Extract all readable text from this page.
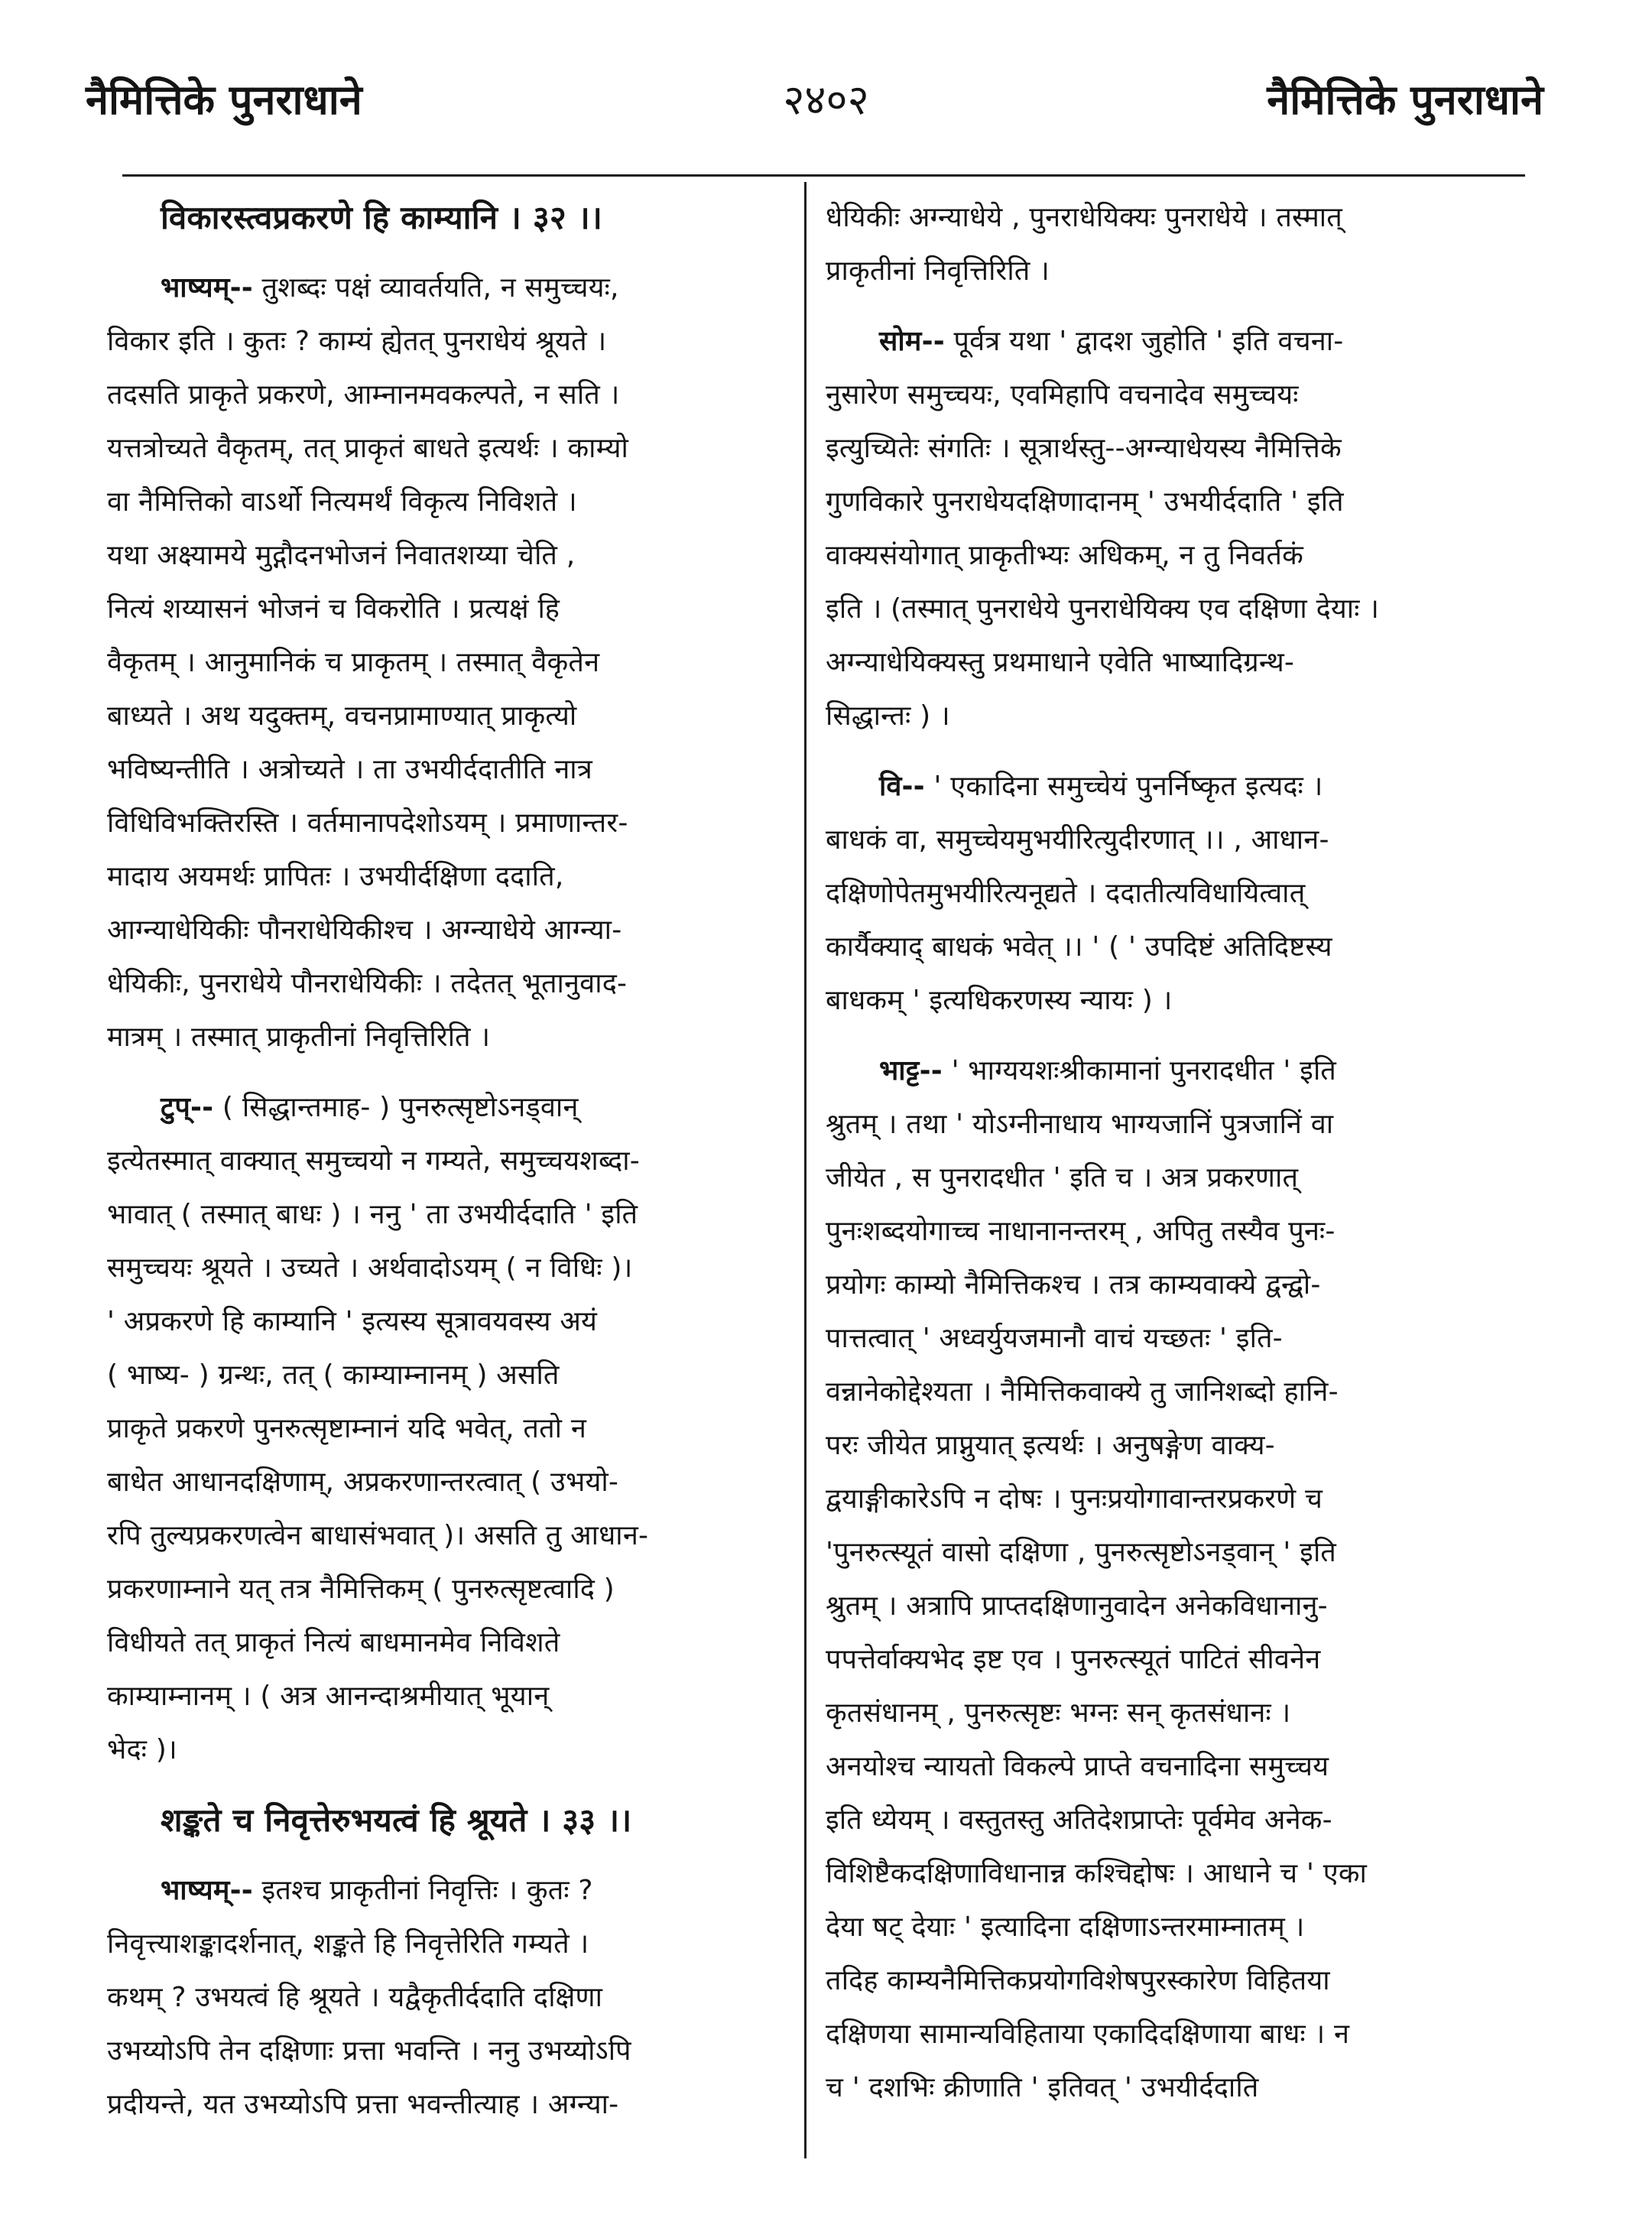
नैमित्तिके पुनराधाने	२४०२	नैमित्तिके पुनराधाने
विकारस्त्वप्रकरणे हि काम्यानि । ३२ ।।
भाष्यम्-- तुशब्दः पक्षं व्यावर्तयति, न समुच्चयः,
विकार इति । कुतः ? काम्यं ह्येतत् पुनराधेयं श्रूयते ।
तदसति प्राकृते प्रकरणे, आम्नानमवकल्पते, न सति ।
यत्तत्रोच्यते वैकृतम्, तत् प्राकृतं बाधते इत्यर्थः । काम्यो
वा नैमित्तिको वाऽर्थो नित्यमर्थं विकृत्य निविशते ।
यथा अक्ष्यामये मुद्गौदनभोजनं निवातशय्या चेति ,
नित्यं शय्यासनं भोजनं च विकरोति । प्रत्यक्षं हि
वैकृतम् । आनुमानिकं च प्राकृतम् । तस्मात् वैकृतेन
बाध्यते । अथ यदुक्तम्, वचनप्रामाण्यात् प्राकृत्यो
भविष्यन्तीति । अत्रोच्यते । ता उभयीर्ददातीति नात्र
विधिविभक्तिरस्ति । वर्तमानापदेशोऽयम् । प्रमाणान्तर-
मादाय अयमर्थः प्रापितः । उभयीर्दक्षिणा ददाति,
आग्न्याधेयिकीः पौनराधेयिकीश्च । अग्न्याधेये आग्न्या-
धेयिकीः, पुनराधेये पौनराधेयिकीः । तदेतत् भूतानुवाद-
मात्रम् । तस्मात् प्राकृतीनां निवृत्तिरिति ।
टुप्-- ( सिद्धान्तमाह- ) पुनरुत्सृष्टोऽनड्वान्
इत्येतस्मात् वाक्यात् समुच्चयो न गम्यते, समुच्चयशब्दा-
भावात् ( तस्मात् बाधः ) । ननु ' ता उभयीर्ददाति ' इति
समुच्चयः श्रूयते । उच्यते । अर्थवादोऽयम् ( न विधिः )।
' अप्रकरणे हि काम्यानि ' इत्यस्य सूत्रावयवस्य अयं
( भाष्य- ) ग्रन्थः, तत् ( काम्याम्नानम् ) असति
प्राकृते प्रकरणे पुनरुत्सृष्टाम्नानं यदि भवेत्, ततो न
बाधेत आधानदक्षिणाम्, अप्रकरणान्तरत्वात् ( उभयो-
रपि तुल्यप्रकरणत्वेन बाधासंभवात् )। असति तु आधान-
प्रकरणाम्नाने यत् तत्र नैमित्तिकम् ( पुनरुत्सृष्टत्वादि )
विधीयते तत् प्राकृतं नित्यं बाधमानमेव निविशते
काम्याम्नानम् । ( अत्र आनन्दाश्रमीयात् भूयान्
भेदः )।
शङ्कते च निवृत्तेरुभयत्वं हि श्रूयते । ३३ ।।
भाष्यम्-- इतश्च प्राकृतीनां निवृत्तिः । कुतः ?
निवृत्त्याशङ्कादर्शनात्, शङ्कते हि निवृत्तेरिति गम्यते ।
कथम् ? उभयत्वं हि श्रूयते । यद्वैकृतीर्ददाति दक्षिणा
उभय्योऽपि तेन दक्षिणाः प्रत्ता भवन्ति । ननु उभय्योऽपि
प्रदीयन्ते, यत उभय्योऽपि प्रत्ता भवन्तीत्याह । अग्न्या-
धेयिकीः अग्न्याधेये , पुनराधेयिक्यः पुनराधेये । तस्मात्
प्राकृतीनां निवृत्तिरिति ।
सोम-- पूर्वत्र यथा ' द्वादश जुहोति ' इति वचना-
नुसारेण समुच्चयः, एवमिहापि वचनादेव समुच्चयः
इत्युच्यितेः संगतिः । सूत्रार्थस्तु--अग्न्याधेयस्य नैमित्तिके
गुणविकारे पुनराधेयदक्षिणादानम् ' उभयीर्ददाति ' इति
वाक्यसंयोगात् प्राकृतीभ्यः अधिकम्, न तु निवर्तकं
इति । (तस्मात् पुनराधेये पुनराधेयिक्य एव दक्षिणा देयाः ।
अग्न्याधेयिक्यस्तु प्रथमाधाने एवेति भाष्यादिग्रन्थ-
सिद्धान्तः ) ।
वि-- ' एकादिना समुच्चेयं पुनर्निष्कृत इत्यदः ।
बाधकं वा, समुच्चेयमुभयीरित्युदीरणात् ।। , आधान-
दक्षिणोपेतमुभयीरित्यनूद्यते । ददातीत्यविधायित्वात्
कार्यैक्याद् बाधकं भवेत् ।। ' ( ' उपदिष्टं अतिदिष्टस्य
बाधकम् ' इत्यधिकरणस्य न्यायः ) ।
भाट्ट-- ' भाग्ययशःश्रीकामानां पुनरादधीत ' इति
श्रुतम् । तथा ' योऽग्नीनाधाय भाग्यजानिं पुत्रजानिं वा
जीयेत , स पुनरादधीत ' इति च । अत्र प्रकरणात्
पुनःशब्दयोगाच्च नाधानानन्तरम् , अपितु तस्यैव पुनः-
प्रयोगः काम्यो नैमित्तिकश्च । तत्र काम्यवाक्ये द्वन्द्वो-
पात्तत्वात् ' अध्वर्युयजमानौ वाचं यच्छतः ' इति-
वन्नानेकोद्देश्यता । नैमित्तिकवाक्ये तु जानिशब्दो हानि-
परः जीयेत प्राप्नुयात् इत्यर्थः । अनुषङ्गेण वाक्य-
द्वयाङ्गीकारेऽपि न दोषः । पुनःप्रयोगावान्तरप्रकरणे च
'पुनरुत्स्यूतं वासो दक्षिणा , पुनरुत्सृष्टोऽनड्वान् ' इति
श्रुतम् । अत्रापि प्राप्तदक्षिणानुवादेन अनेकविधानानु-
पपत्तेर्वाक्यभेद इष्ट एव । पुनरुत्स्यूतं पाटितं सीवनेन
कृतसंधानम् , पुनरुत्सृष्टः भग्नः सन् कृतसंधानः ।
अनयोश्च न्यायतो विकल्पे प्राप्ते वचनादिना समुच्चय
इति ध्येयम् । वस्तुतस्तु अतिदेशप्राप्तेः पूर्वमेव अनेक-
विशिष्टैकदक्षिणाविधानान्न कश्चिद्दोषः । आधाने च ' एका
देया षट् देयाः ' इत्यादिना दक्षिणाऽन्तरमाम्नातम् ।
तदिह काम्यनैमित्तिकप्रयोगविशेषपुरस्कारेण विहितया
दक्षिणया सामान्यविहिताया एकादिदक्षिणाया बाधः । न
च ' दशभिः क्रीणाति ' इतिवत् ' उभयीर्ददाति
